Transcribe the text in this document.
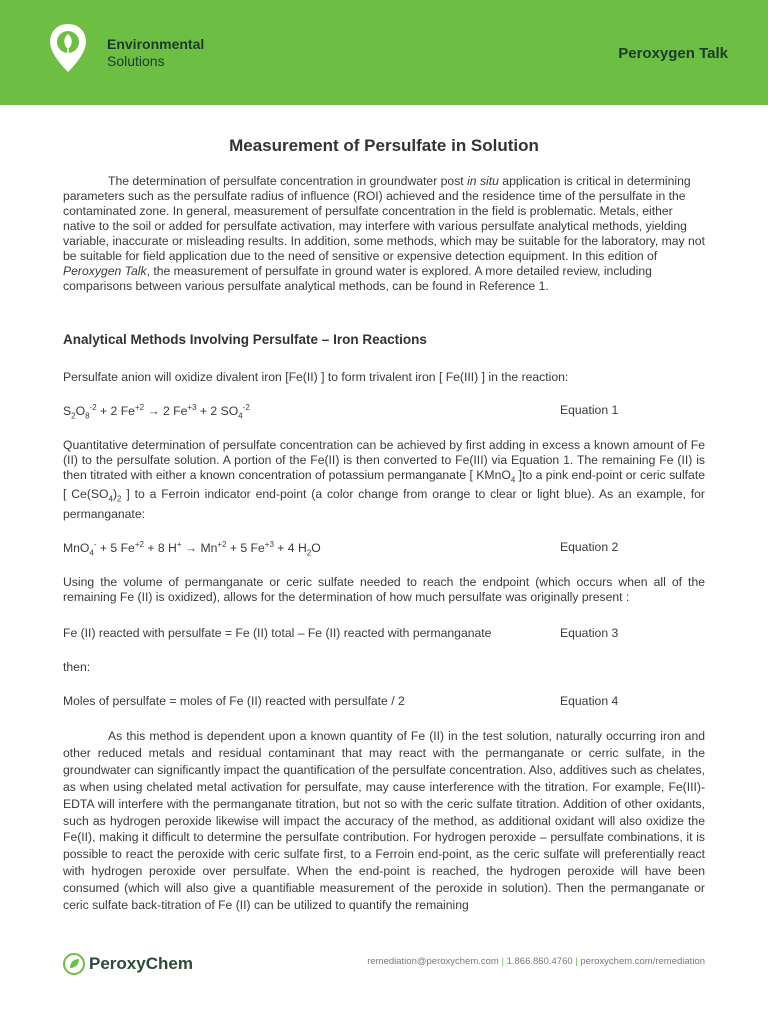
Environmental
Solutions	Peroxygen Talk
Measurement of Persulfate in Solution
The determination of persulfate concentration in groundwater post in situ application is critical in determining parameters such as the persulfate radius of influence (ROI) achieved and the residence time of the persulfate in the contaminated zone. In general, measurement of persulfate concentration in the field is problematic. Metals, either native to the soil or added for persulfate activation, may interfere with various persulfate analytical methods, yielding variable, inaccurate or misleading results. In addition, some methods, which may be suitable for the laboratory, may not be suitable for field application due to the need of sensitive or expensive detection equipment. In this edition of Peroxygen Talk, the measurement of persulfate in ground water is explored. A more detailed review, including comparisons between various persulfate analytical methods, can be found in Reference 1.
Analytical Methods Involving Persulfate – Iron Reactions
Persulfate anion will oxidize divalent iron [Fe(II) ] to form trivalent iron [ Fe(III) ] in the reaction:
$S_2O_8^{-2} + 2$ $Fe^{+2} \to 2$ $Fe^{+3} + 2$ $SO_4^{-2}$	Equation 1
Quantitative determination of persulfate concentration can be achieved by first adding in excess a known amount of Fe (II) to the persulfate solution. A portion of the Fe(II) is then converted to Fe(III) via Equation 1. The remaining Fe (II) is then titrated with either a known concentration of potassium permanganate [ KMnO$_4$ ]to a pink end-point or ceric sulfate [ $Ce(SO_4)_2$ ] to a Ferroin indicator end-point (a color change from orange to clear or light blue). As an example, for permanganate:
MnO$_4$- + 5 $Fe^{+2} + 8$ $H^+ \to Mn^{+2} + 5$ $Fe^{+3} + 4$ $H_2O$	Equation 2
Using the volume of permanganate or ceric sulfate needed to reach the endpoint (which occurs when all of the remaining Fe (II) is oxidized), allows for the determination of how much persulfate was originally present :
Fe (II) reacted with persulfate = Fe (II) total – Fe (II) reacted with permanganate	Equation 3
then:
Moles of persulfate = moles of Fe (II) reacted with persulfate / 2	Equation 4
As this method is dependent upon a known quantity of Fe (II) in the test solution, naturally occurring iron and other reduced metals and residual contaminant that may react with the permanganate or cerric sulfate, in the groundwater can significantly impact the quantification of the persulfate concentration. Also, additives such as chelates, as when using chelated metal activation for persulfate, may cause interference with the titration. For example, Fe(III)-EDTA will interfere with the permanganate titration, but not so with the ceric sulfate titration. Addition of other oxidants, such as hydrogen peroxide likewise will impact the accuracy of the method, as additional oxidant will also oxidize the Fe(II), making it difficult to determine the persulfate contribution. For hydrogen peroxide – persulfate combinations, it is possible to react the peroxide with ceric sulfate first, to a Ferroin end-point, as the ceric sulfate will preferentially react with hydrogen peroxide over persulfate. When the end-point is reached, the hydrogen peroxide will have been consumed (which will also give a quantifiable measurement of the peroxide in solution). Then the permanganate or ceric sulfate back-titration of Fe (II) can be utilized to quantify the remaining
PeroxyChem	remediation@peroxychem.com | 1.866.860.4760 | peroxychem.com/remediation
